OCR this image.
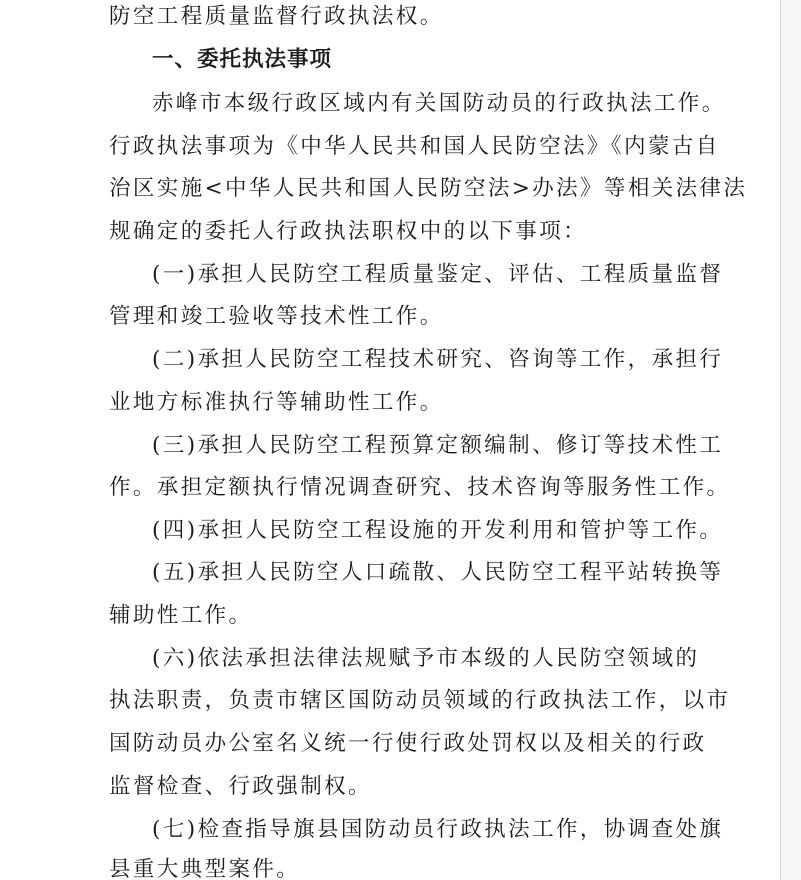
防空工程质量监督行政执法权。
一、委托执法事项
赤峰市本级行政区域内有关国防动员的行政执法工作。
行政执法事项为《中华人民共和国人民防空法》《内蒙古自
治区实施<中华人民共和国人民防空法>办法》等相关法律法
规确定的委托人行政执法职权中的以下事项：
(一)承担人民防空工程质量鉴定、评估、工程质量监督
管理和竣工验收等技术性工作。
(二)承担人民防空工程技术研究、咨询等工作，承担行
业地方标准执行等辅助性工作。
(三)承担人民防空工程预算定额编制、修订等技术性工
作。承担定额执行情况调查研究、技术咨询等服务性工作。
(四)承担人民防空工程设施的开发利用和管护等工作。
(五)承担人民防空人口疏散、人民防空工程平站转换等
辅助性工作。
(六)依法承担法律法规赋予市本级的人民防空领域的
执法职责，负责市辖区国防动员领域的行政执法工作，以市
国防动员办公室名义统一行使行政处罚权以及相关的行政
监督检查、行政强制权。
(七)检查指导旗县国防动员行政执法工作，协调查处旗
县重大典型案件。
